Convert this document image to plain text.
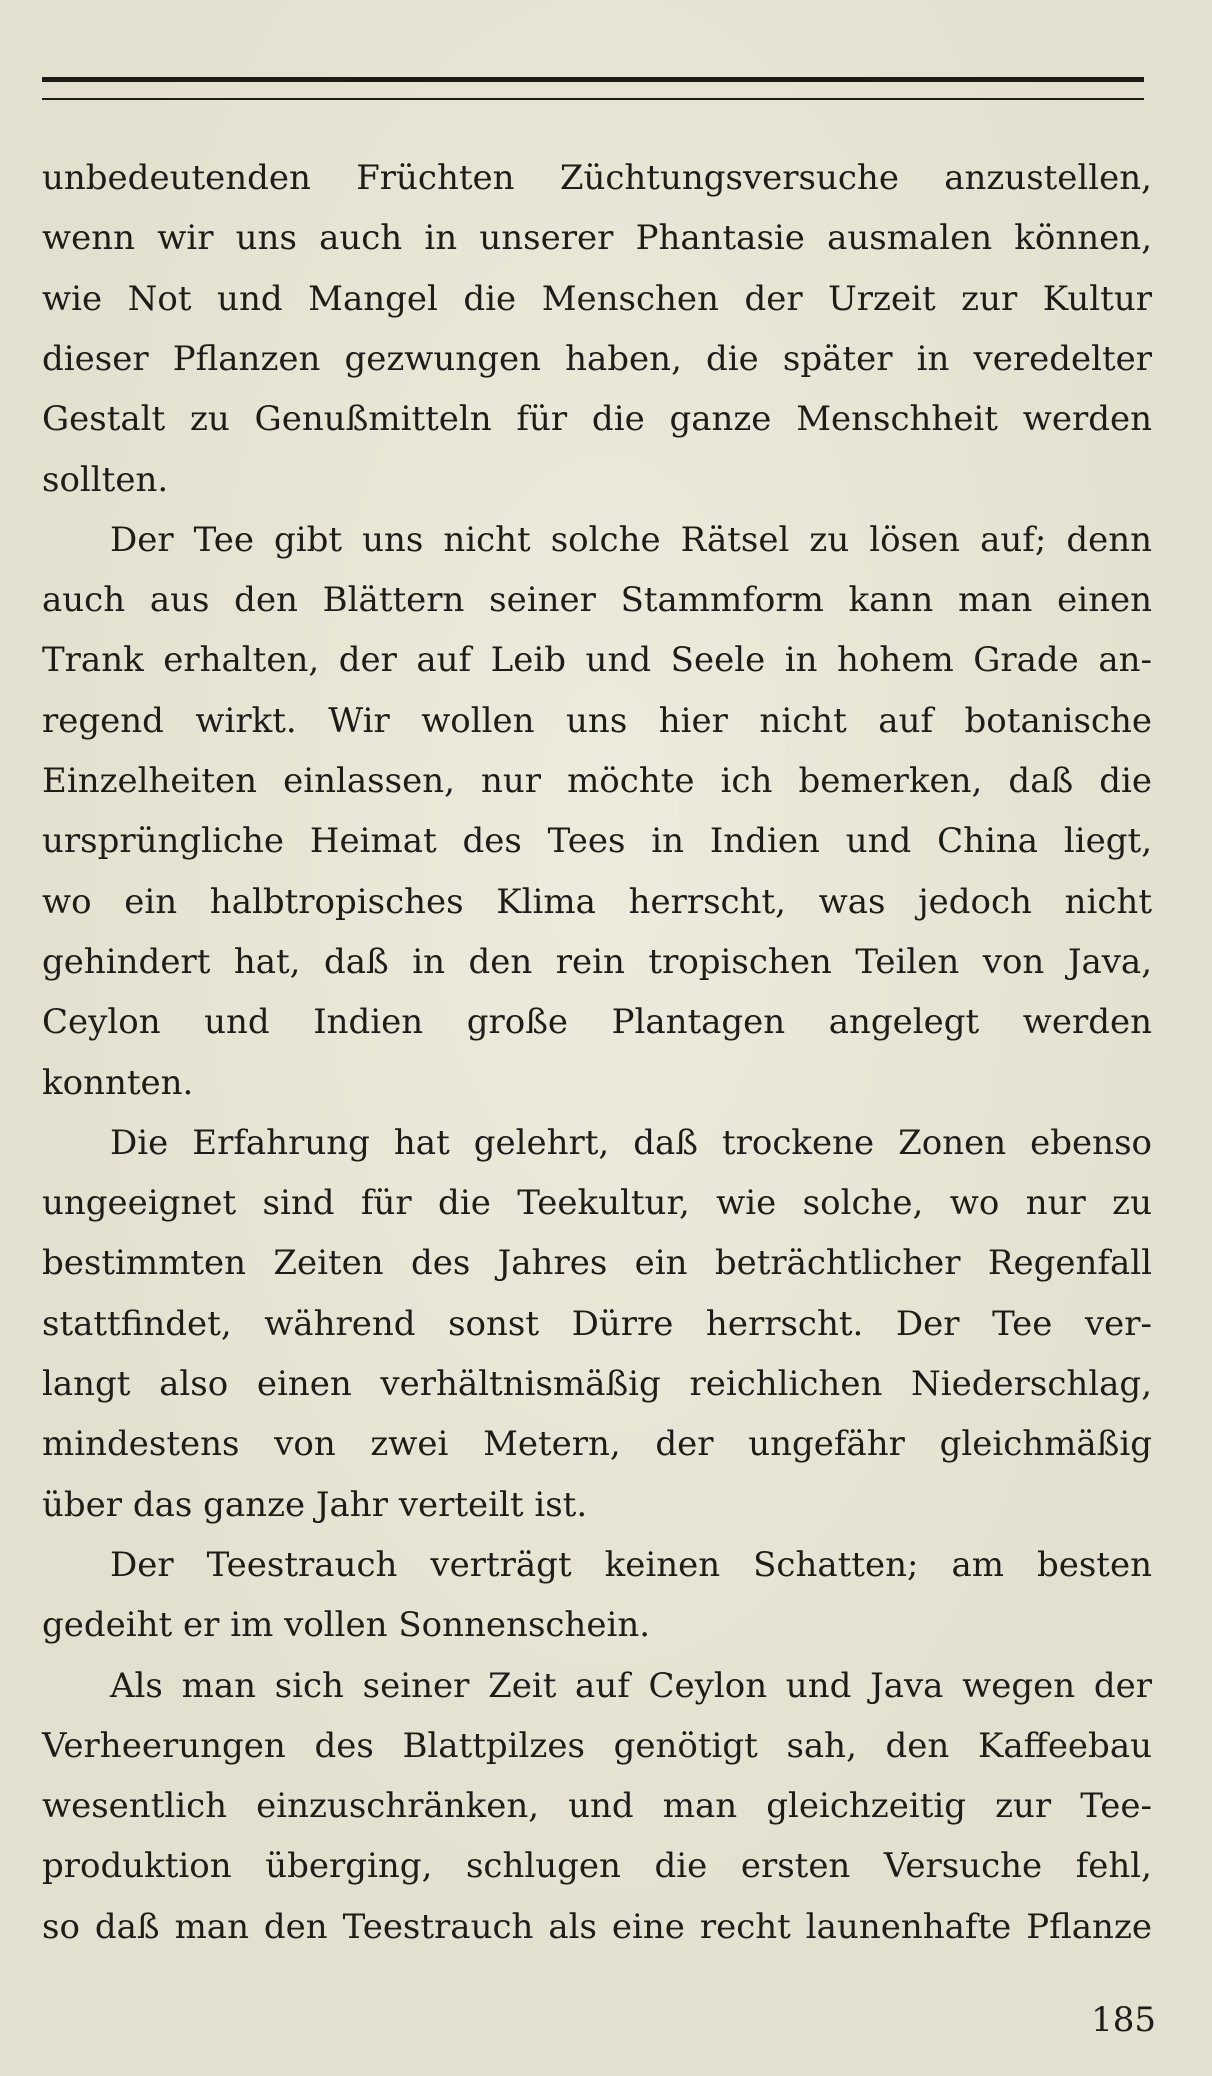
unbedeutenden Früchten Züchtungsversuche anzustellen,
wenn wir uns auch in unserer Phantasie ausmalen können,
wie Not und Mangel die Menschen der Urzeit zur Kultur
dieser Pflanzen gezwungen haben, die später in veredelter
Gestalt zu Genußmitteln für die ganze Menschheit werden
sollten.
Der Tee gibt uns nicht solche Rätsel zu lösen auf; denn
auch aus den Blättern seiner Stammform kann man einen
Trank erhalten, der auf Leib und Seele in hohem Grade an-
regend wirkt. Wir wollen uns hier nicht auf botanische
Einzelheiten einlassen, nur möchte ich bemerken, daß die
ursprüngliche Heimat des Tees in Indien und China liegt,
wo ein halbtropisches Klima herrscht, was jedoch nicht
gehindert hat, daß in den rein tropischen Teilen von Java,
Ceylon und Indien große Plantagen angelegt werden
konnten.
Die Erfahrung hat gelehrt, daß trockene Zonen ebenso
ungeeignet sind für die Teekultur, wie solche, wo nur zu
bestimmten Zeiten des Jahres ein beträchtlicher Regenfall
stattfindet, während sonst Dürre herrscht. Der Tee ver-
langt also einen verhältnismäßig reichlichen Niederschlag,
mindestens von zwei Metern, der ungefähr gleichmäßig
über das ganze Jahr verteilt ist.
Der Teestrauch verträgt keinen Schatten; am besten
gedeiht er im vollen Sonnenschein.
Als man sich seiner Zeit auf Ceylon und Java wegen der
Verheerungen des Blattpilzes genötigt sah, den Kaffeebau
wesentlich einzuschränken, und man gleichzeitig zur Tee-
produktion überging, schlugen die ersten Versuche fehl,
so daß man den Teestrauch als eine recht launenhafte Pflanze
185
